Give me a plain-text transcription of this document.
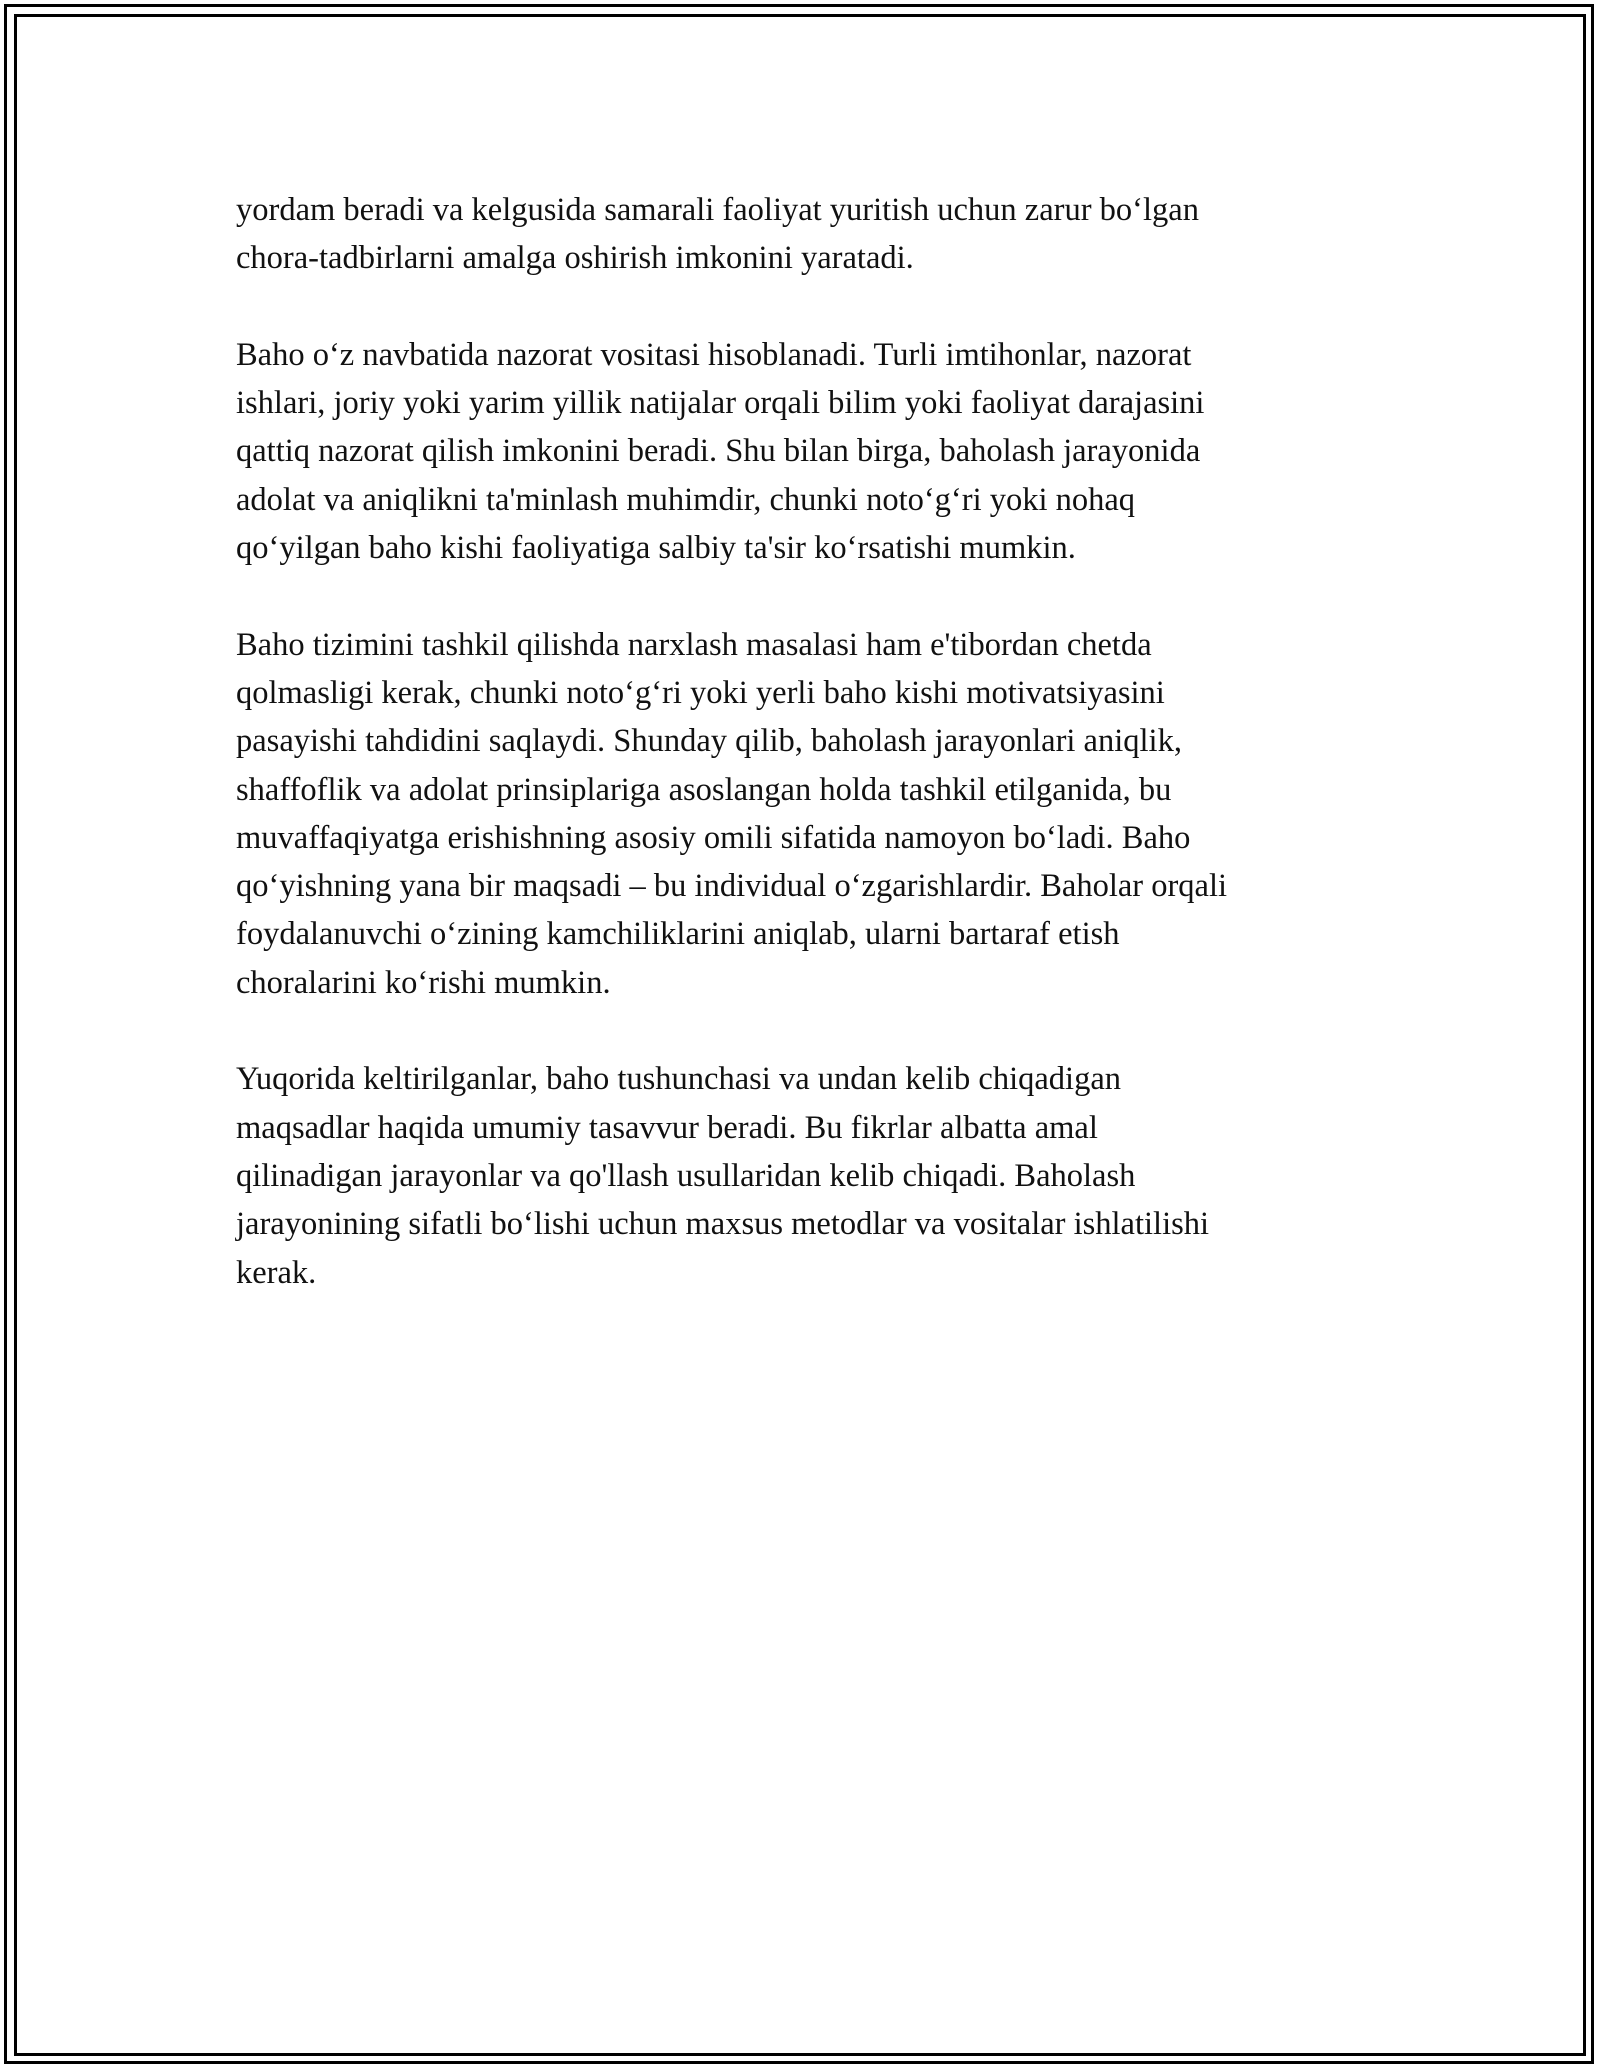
yordam beradi va kelgusida samarali faoliyat yuritish uchun zarur bo‘lgan
chora-tadbirlarni amalga oshirish imkonini yaratadi.

Baho o‘z navbatida nazorat vositasi hisoblanadi. Turli imtihonlar, nazorat
ishlari, joriy yoki yarim yillik natijalar orqali bilim yoki faoliyat darajasini
qattiq nazorat qilish imkonini beradi. Shu bilan birga, baholash jarayonida
adolat va aniqlikni ta'minlash muhimdir, chunki noto‘g‘ri yoki nohaq
qo‘yilgan baho kishi faoliyatiga salbiy ta'sir ko‘rsatishi mumkin.

Baho tizimini tashkil qilishda narxlash masalasi ham e'tibordan chetda
qolmasligi kerak, chunki noto‘g‘ri yoki yerli baho kishi motivatsiyasini
pasayishi tahdidini saqlaydi. Shunday qilib, baholash jarayonlari aniqlik,
shaffoflik va adolat prinsiplariga asoslangan holda tashkil etilganida, bu
muvaffaqiyatga erishishning asosiy omili sifatida namoyon bo‘ladi. Baho
qo‘yishning yana bir maqsadi – bu individual o‘zgarishlardir. Baholar orqali
foydalanuvchi o‘zining kamchiliklarini aniqlab, ularni bartaraf etish
choralarini ko‘rishi mumkin.

Yuqorida keltirilganlar, baho tushunchasi va undan kelib chiqadigan
maqsadlar haqida umumiy tasavvur beradi. Bu fikrlar albatta amal
qilinadigan jarayonlar va qo'llash usullaridan kelib chiqadi. Baholash
jarayonining sifatli bo‘lishi uchun maxsus metodlar va vositalar ishlatilishi
kerak.
